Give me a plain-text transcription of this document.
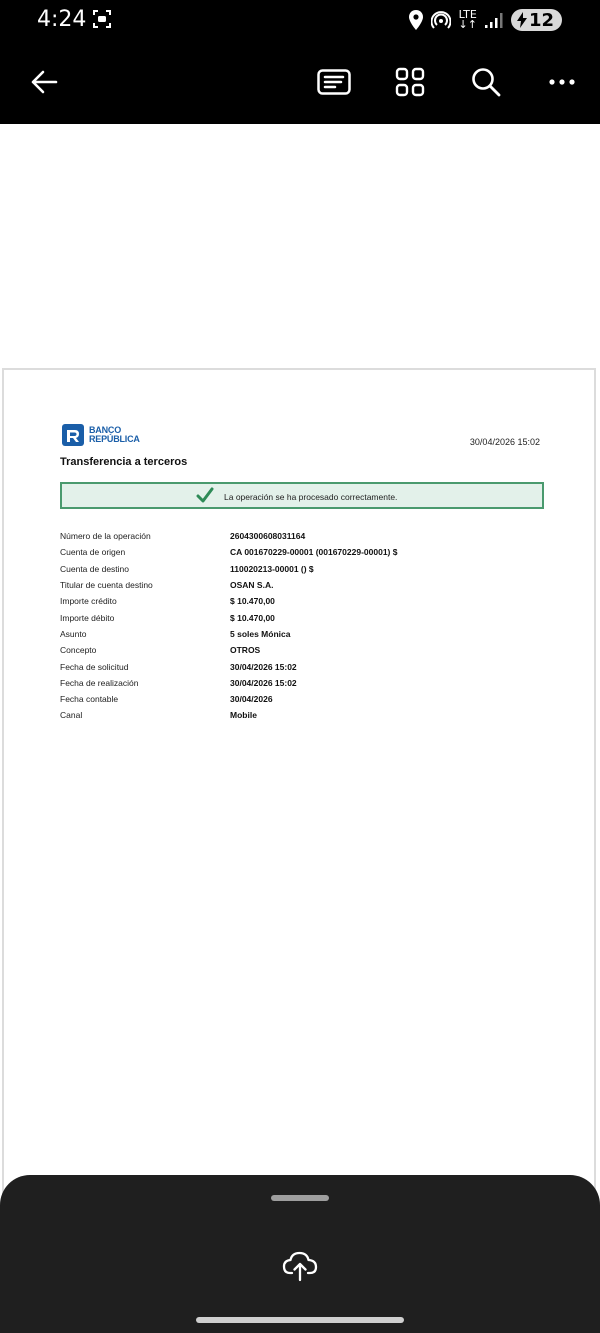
4:24	LTE
↓↑	12
BANCO
REPÚBLICA	30/04/2026 15:02
Transferencia a terceros
La operación se ha procesado correctamente.
Número de la operación	2604300608031164
Cuenta de origen	CA 001670229-00001 (001670229-00001) $
Cuenta de destino	110020213-00001 () $
Titular de cuenta destino	OSAN S.A.
Importe crédito	$ 10.470,00
Importe débito	$ 10.470,00
Asunto	5 soles Mónica
Concepto	OTROS
Fecha de solicitud	30/04/2026 15:02
Fecha de realización	30/04/2026 15:02
Fecha contable	30/04/2026
Canal	Mobile
